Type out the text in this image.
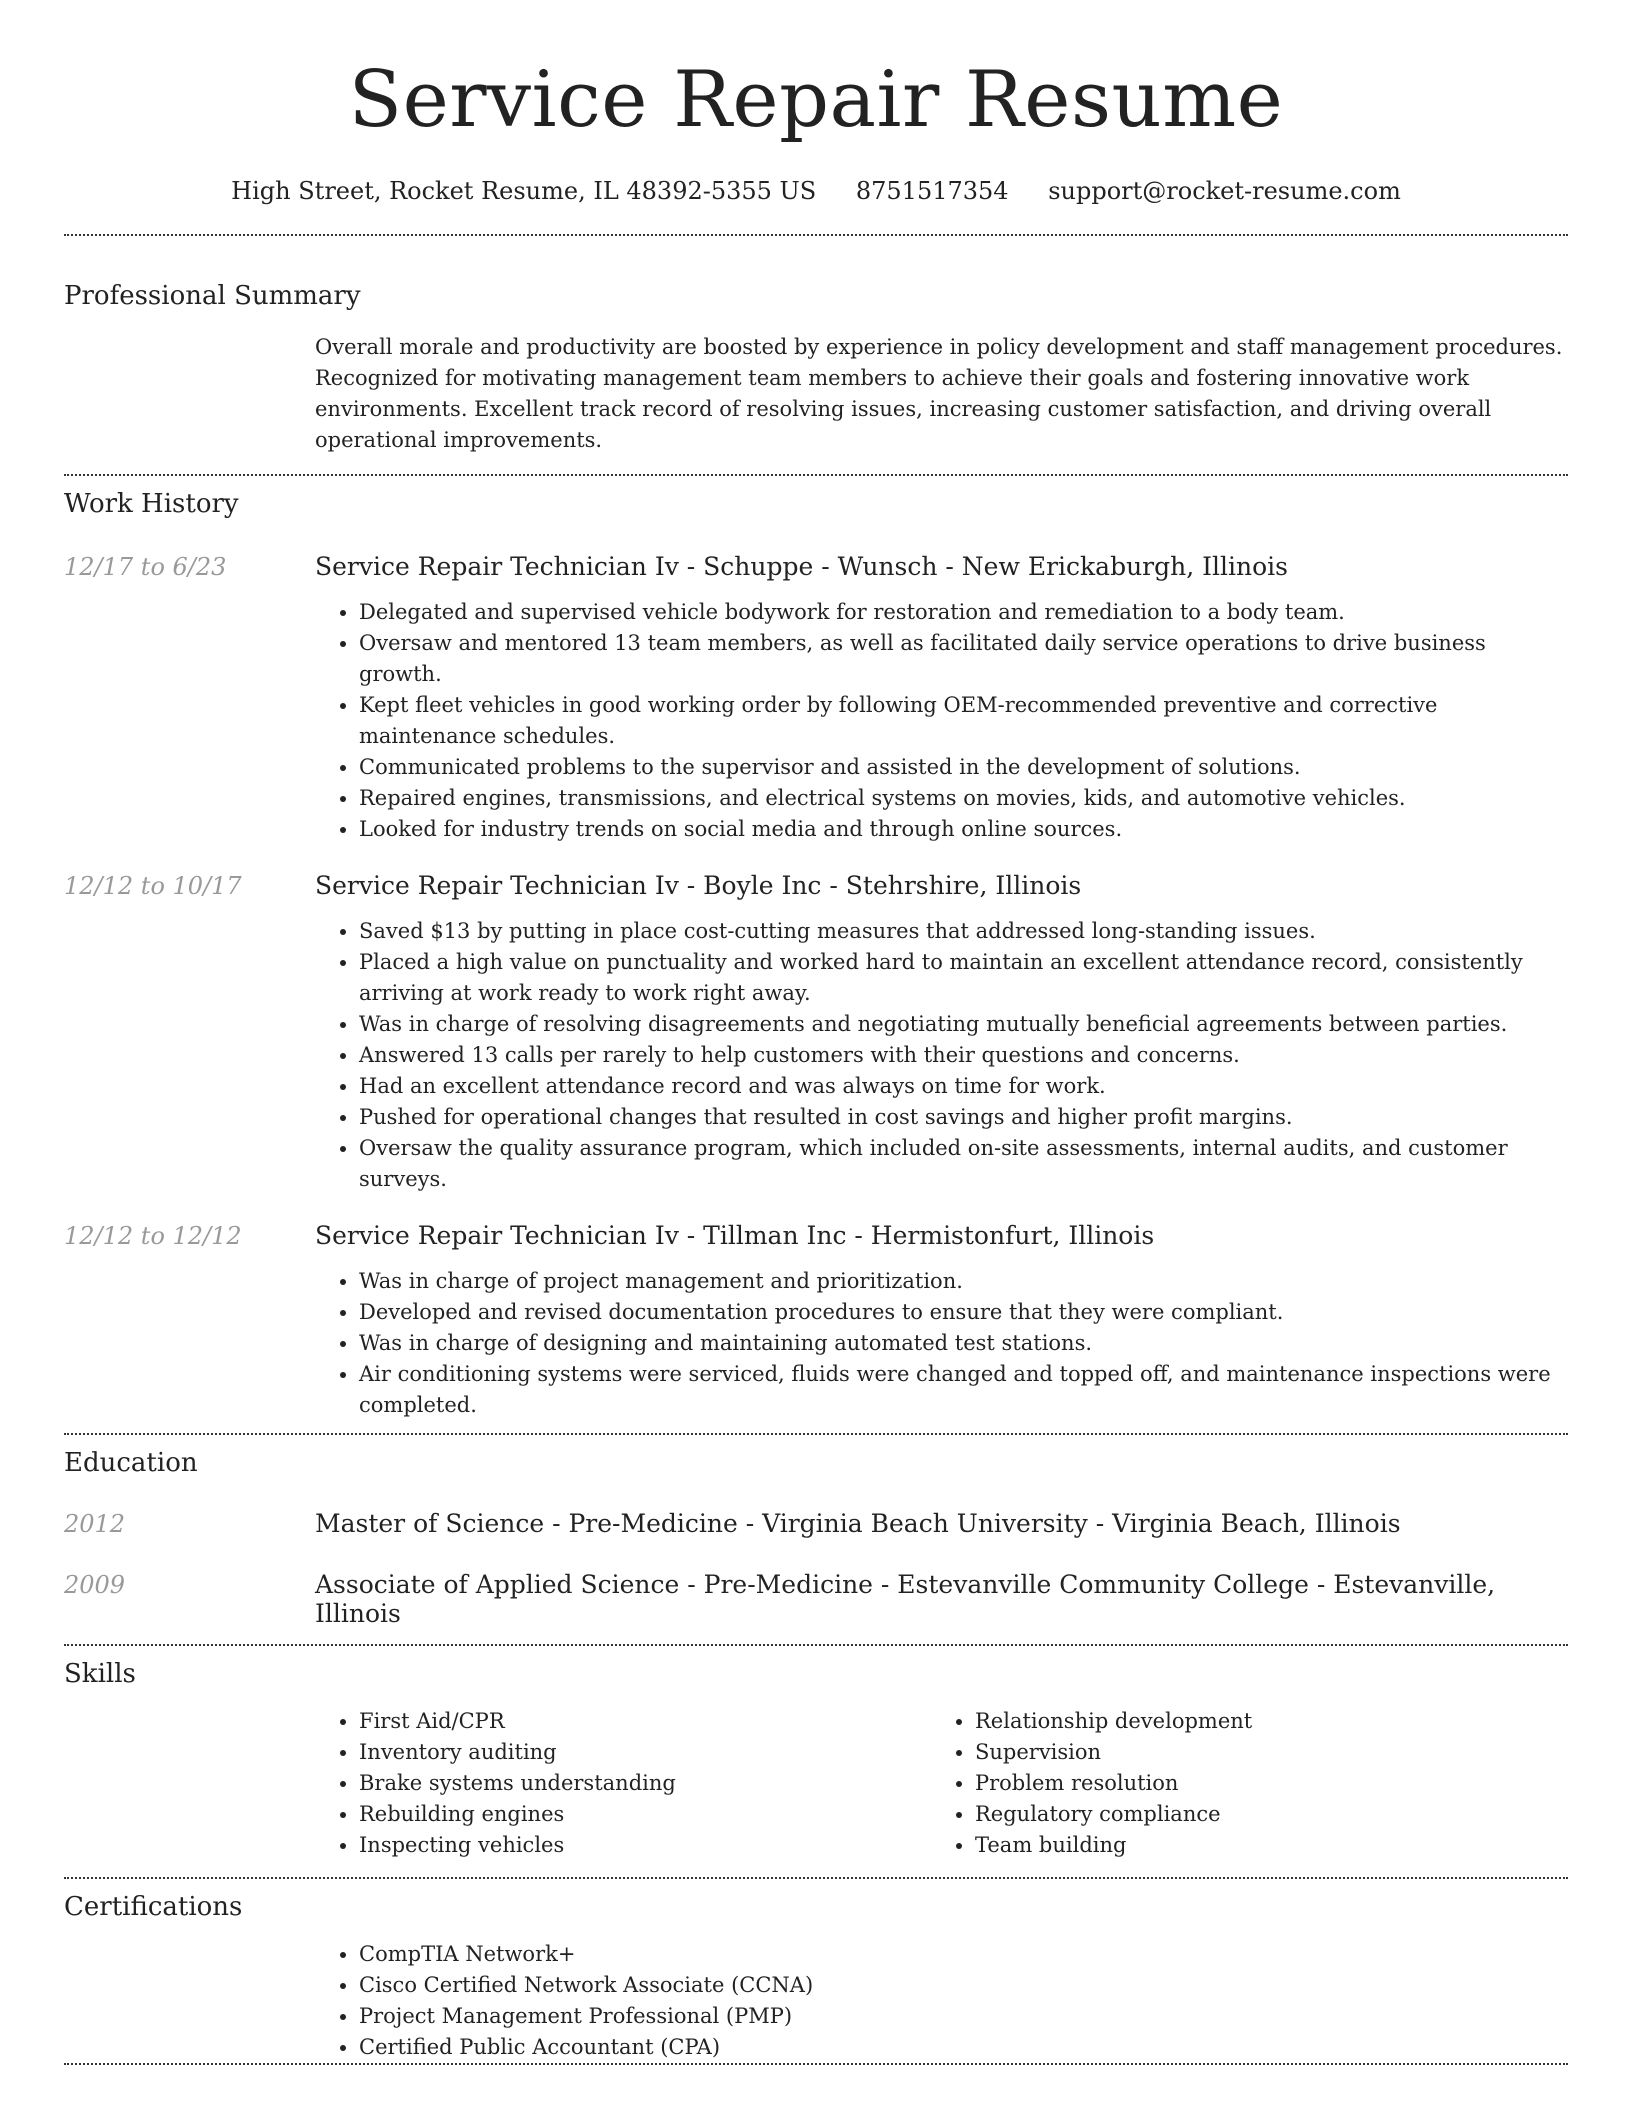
Service Repair Resume
High Street, Rocket Resume, IL 48392-5355 US 8751517354 support@rocket-resume.com
Professional Summary
Overall morale and productivity are boosted by experience in policy development and staff management procedures. Recognized for motivating management team members to achieve their goals and fostering innovative work environments. Excellent track record of resolving issues, increasing customer satisfaction, and driving overall operational improvements.
Work History
12/17 to 6/23	Service Repair Technician Iv - Schuppe - Wunsch - New Erickaburgh, Illinois
• Delegated and supervised vehicle bodywork for restoration and remediation to a body team.
• Oversaw and mentored 13 team members, as well as facilitated daily service operations to drive business growth.
• Kept fleet vehicles in good working order by following OEM-recommended preventive and corrective maintenance schedules.
• Communicated problems to the supervisor and assisted in the development of solutions.
• Repaired engines, transmissions, and electrical systems on movies, kids, and automotive vehicles.
• Looked for industry trends on social media and through online sources.
12/12 to 10/17	Service Repair Technician Iv - Boyle Inc - Stehrshire, Illinois
• Saved $13 by putting in place cost-cutting measures that addressed long-standing issues.
• Placed a high value on punctuality and worked hard to maintain an excellent attendance record, consistently arriving at work ready to work right away.
• Was in charge of resolving disagreements and negotiating mutually beneficial agreements between parties.
• Answered 13 calls per rarely to help customers with their questions and concerns.
• Had an excellent attendance record and was always on time for work.
• Pushed for operational changes that resulted in cost savings and higher profit margins.
• Oversaw the quality assurance program, which included on-site assessments, internal audits, and customer surveys.
12/12 to 12/12	Service Repair Technician Iv - Tillman Inc - Hermistonfurt, Illinois
• Was in charge of project management and prioritization.
• Developed and revised documentation procedures to ensure that they were compliant.
• Was in charge of designing and maintaining automated test stations.
• Air conditioning systems were serviced, fluids were changed and topped off, and maintenance inspections were completed.
Education
2012	Master of Science - Pre-Medicine - Virginia Beach University - Virginia Beach, Illinois
2009	Associate of Applied Science - Pre-Medicine - Estevanville Community College - Estevanville, Illinois
Skills
• First Aid/CPR
• Inventory auditing
• Brake systems understanding
• Rebuilding engines
• Inspecting vehicles
• Relationship development
• Supervision
• Problem resolution
• Regulatory compliance
• Team building
Certifications
• CompTIA Network+
• Cisco Certified Network Associate (CCNA)
• Project Management Professional (PMP)
• Certified Public Accountant (CPA)
